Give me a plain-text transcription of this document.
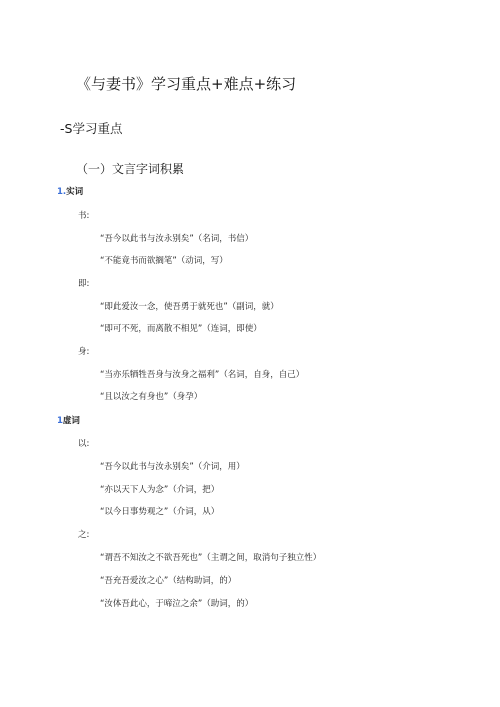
《与妻书》学习重点+难点+练习
-S学习重点
（一）文言字词积累
1.实词
书:
“吾今以此书与汝永别矣”（名词，书信）
“不能竟书而欲搁笔”（动词，写）
即:
“即此爱汝一念，使吾勇于就死也”（副词，就）
“即可不死，而离散不相见”（连词，即使）
身:
“当亦乐牺牲吾身与汝身之福利”（名词，自身，自己）
“且以汝之有身也”（身孕）
1虚词
以:
“吾今以此书与汝永别矣”（介词，用）
“亦以天下人为念”（介词，把）
“以今日事势观之”（介词，从）
之:
“谓吾不知汝之不欲吾死也”（主谓之间，取消句子独立性）
“吾充吾爱汝之心”（结构助词，的）
“汝体吾此心，于啼泣之余”（助词，的）
